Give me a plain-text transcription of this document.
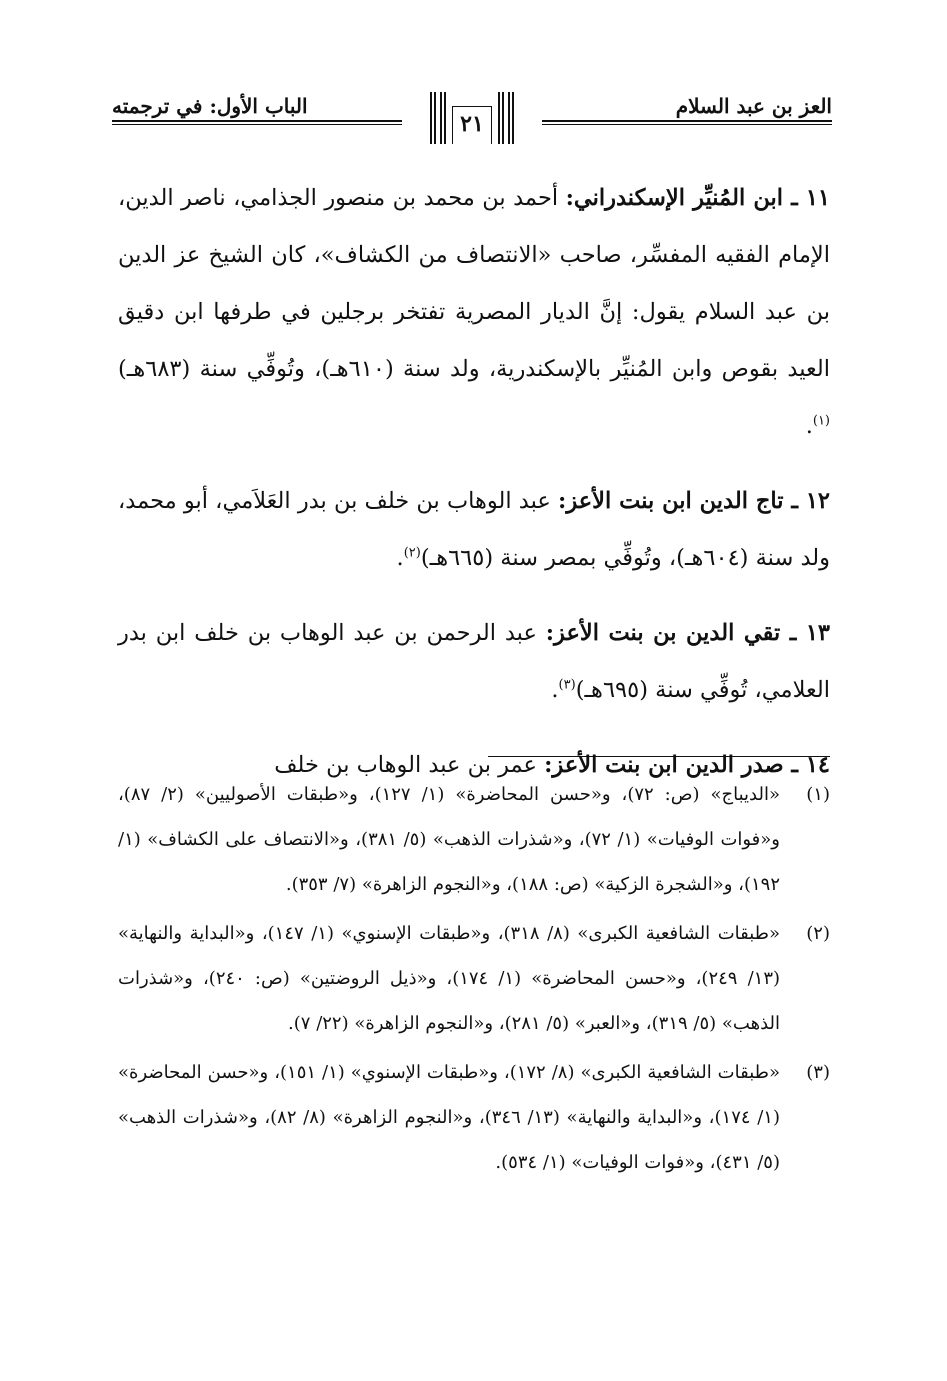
العز بن عبد السلام
الباب الأول: في ترجمته
٢١

١١ ـ ابن المُنيِّر الإسكندراني: أحمد بن محمد بن منصور الجذامي، ناصر الدين، الإمام الفقيه المفسِّر، صاحب «الانتصاف من الكشاف»، كان الشيخ عز الدين بن عبد السلام يقول: إنَّ الديار المصرية تفتخر برجلين في طرفها ابن دقيق العيد بقوص وابن المُنيِّر بالإسكندرية، ولد سنة (٦١٠هـ)، وتُوفِّي سنة (٦٨٣هـ)$^{(١)}$.

١٢ ـ تاج الدين ابن بنت الأعز: عبد الوهاب بن خلف بن بدر العَلاَمي، أبو محمد، ولد سنة (٦٠٤هـ)، وتُوفِّي بمصر سنة (٦٦٥هـ)$^{(٢)}$.

١٣ ـ تقي الدين بن بنت الأعز: عبد الرحمن بن عبد الوهاب بن خلف ابن بدر العلامي، تُوفِّي سنة (٦٩٥هـ)$^{(٣)}$.

١٤ ـ صدر الدين ابن بنت الأعز: عمر بن عبد الوهاب بن خلف

(١)
«الديباج» (ص: ٧٢)، و«حسن المحاضرة» (١/ ١٢٧)، و«طبقات الأصوليين» (٢/ ٨٧)، و«فوات الوفيات» (١/ ٧٢)، و«شذرات الذهب» (٥/ ٣٨١)، و«الانتصاف على الكشاف» (١/ ١٩٢)، و«الشجرة الزكية» (ص: ١٨٨)، و«النجوم الزاهرة» (٧/ ٣٥٣).
(٢)
«طبقات الشافعية الكبرى» (٨/ ٣١٨)، و«طبقات الإسنوي» (١/ ١٤٧)، و«البداية والنهاية» (١٣/ ٢٤٩)، و«حسن المحاضرة» (١/ ١٧٤)، و«ذيل الروضتين» (ص: ٢٤٠)، و«شذرات الذهب» (٥/ ٣١٩)، و«العبر» (٥/ ٢٨١)، و«النجوم الزاهرة» (٢٢/ ٧).
(٣)
«طبقات الشافعية الكبرى» (٨/ ١٧٢)، و«طبقات الإسنوي» (١/ ١٥١)، و«حسن المحاضرة» (١/ ١٧٤)، و«البداية والنهاية» (١٣/ ٣٤٦)، و«النجوم الزاهرة» (٨/ ٨٢)، و«شذرات الذهب» (٥/ ٤٣١)، و«فوات الوفيات» (١/ ٥٣٤).
